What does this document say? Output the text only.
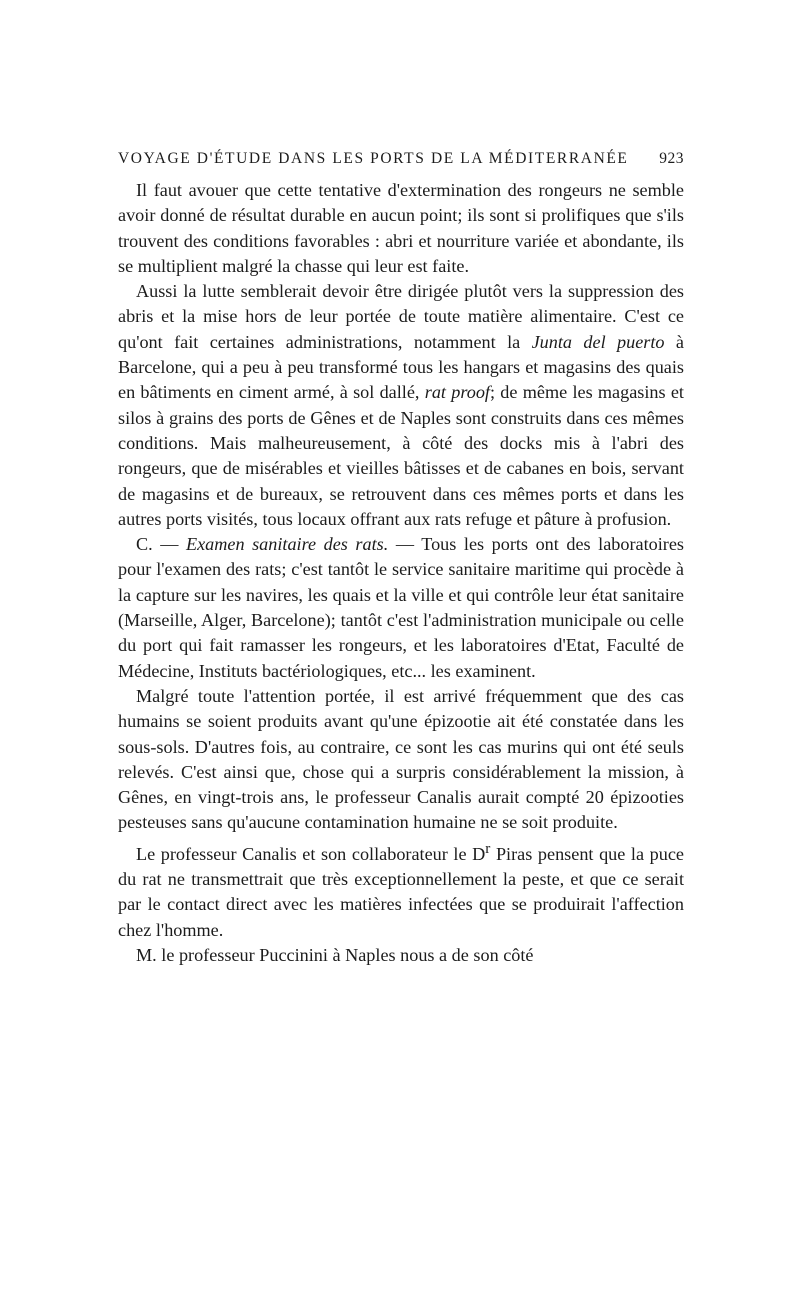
VOYAGE D'ÉTUDE DANS LES PORTS DE LA MÉDITERRANÉE 923

Il faut avouer que cette tentative d'extermination des rongeurs ne semble avoir donné de résultat durable en aucun point; ils sont si prolifiques que s'ils trouvent des conditions favorables : abri et nourriture variée et abondante, ils se multiplient malgré la chasse qui leur est faite.

Aussi la lutte semblerait devoir être dirigée plutôt vers la suppression des abris et la mise hors de leur portée de toute matière alimentaire. C'est ce qu'ont fait certaines administrations, notamment la Junta del puerto à Barcelone, qui a peu à peu transformé tous les hangars et magasins des quais en bâtiments en ciment armé, à sol dallé, rat proof; de même les magasins et silos à grains des ports de Gênes et de Naples sont construits dans ces mêmes conditions. Mais malheureusement, à côté des docks mis à l'abri des rongeurs, que de misérables et vieilles bâtisses et de cabanes en bois, servant de magasins et de bureaux, se retrouvent dans ces mêmes ports et dans les autres ports visités, tous locaux offrant aux rats refuge et pâture à profusion.

C. — Examen sanitaire des rats. — Tous les ports ont des laboratoires pour l'examen des rats; c'est tantôt le service sanitaire maritime qui procède à la capture sur les navires, les quais et la ville et qui contrôle leur état sanitaire (Marseille, Alger, Barcelone); tantôt c'est l'administration municipale ou celle du port qui fait ramasser les rongeurs, et les laboratoires d'Etat, Faculté de Médecine, Instituts bactériologiques, etc... les examinent.

Malgré toute l'attention portée, il est arrivé fréquemment que des cas humains se soient produits avant qu'une épizootie ait été constatée dans les sous-sols. D'autres fois, au contraire, ce sont les cas murins qui ont été seuls relevés. C'est ainsi que, chose qui a surpris considérablement la mission, à Gênes, en vingt-trois ans, le professeur Canalis aurait compté 20 épizooties pesteuses sans qu'aucune contamination humaine ne se soit produite.

Le professeur Canalis et son collaborateur le $D^r$ Piras pensent que la puce du rat ne transmettrait que très exceptionnellement la peste, et que ce serait par le contact direct avec les matières infectées que se produirait l'affection chez l'homme.

M. le professeur Puccinini à Naples nous a de son côté
